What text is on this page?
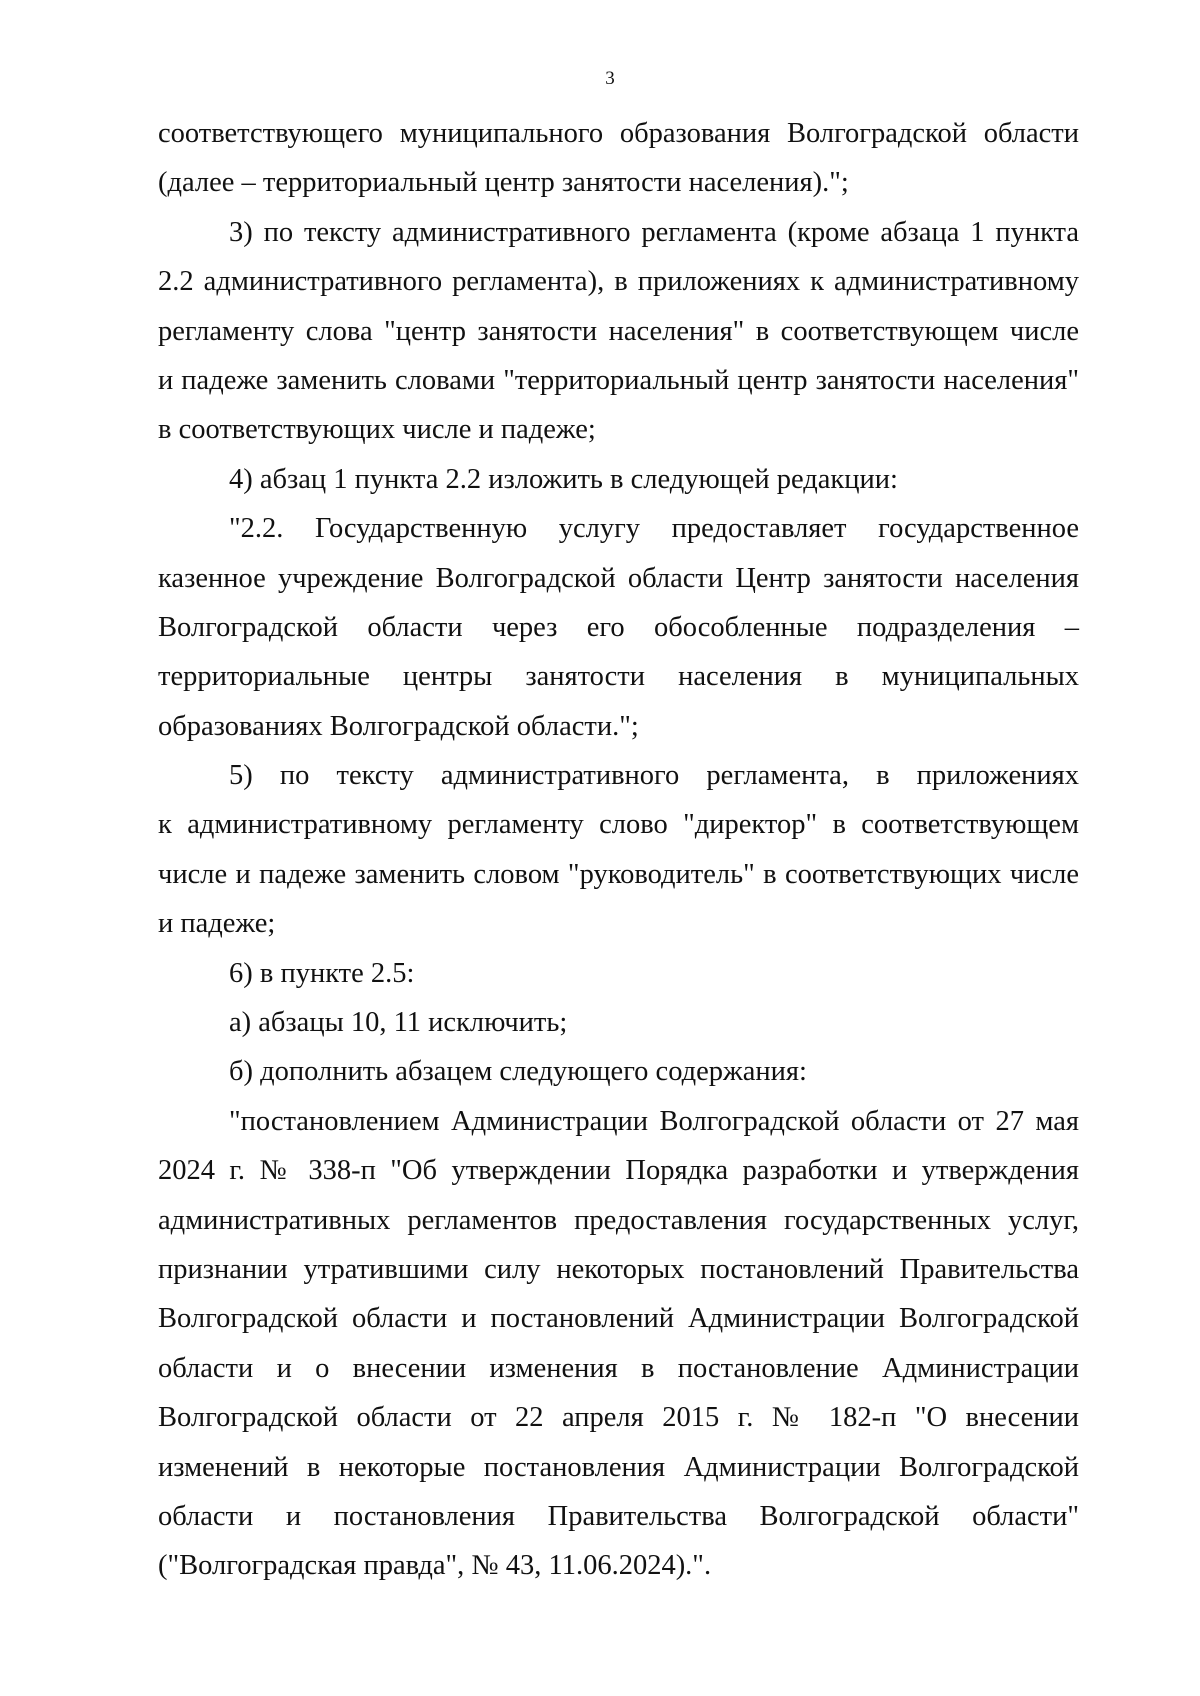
3
соответствующего муниципального образования Волгоградской области
(далее – территориальный центр занятости населения).";
3) по тексту административного регламента (кроме абзаца 1 пункта
2.2 административного регламента), в приложениях к административному
регламенту слова "центр занятости населения" в соответствующем числе
и падеже заменить словами "территориальный центр занятости населения"
в соответствующих числе и падеже;
4) абзац 1 пункта 2.2 изложить в следующей редакции:
"2.2. Государственную услугу предоставляет государственное
казенное учреждение Волгоградской области Центр занятости населения
Волгоградской области через его обособленные подразделения –
территориальные центры занятости населения в муниципальных
образованиях Волгоградской области.";
5) по тексту административного регламента, в приложениях
к административному регламенту слово "директор" в соответствующем
числе и падеже заменить словом "руководитель" в соответствующих числе
и падеже;
6) в пункте 2.5:
а) абзацы 10, 11 исключить;
б) дополнить абзацем следующего содержания:
"постановлением Администрации Волгоградской области от 27 мая
2024 г. № 338-п "Об утверждении Порядка разработки и утверждения
административных регламентов предоставления государственных услуг,
признании утратившими силу некоторых постановлений Правительства
Волгоградской области и постановлений Администрации Волгоградской
области и о внесении изменения в постановление Администрации
Волгоградской области от 22 апреля 2015 г. № 182-п "О внесении
изменений в некоторые постановления Администрации Волгоградской
области и постановления Правительства Волгоградской области"
("Волгоградская правда", № 43, 11.06.2024).".
